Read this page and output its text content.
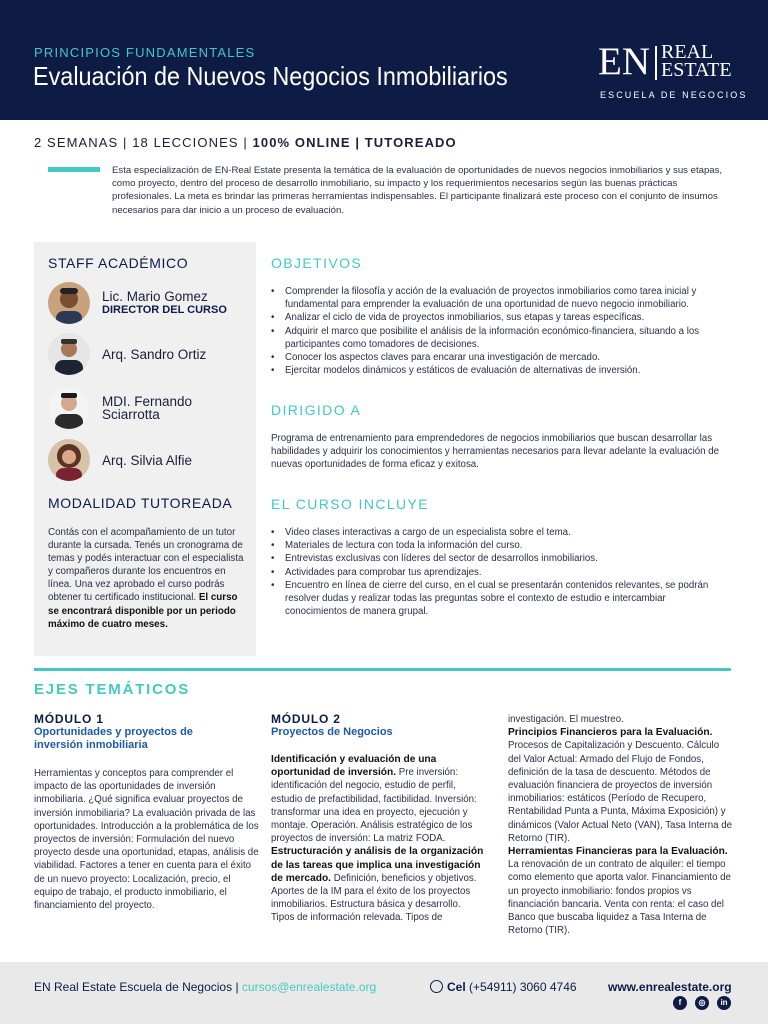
PRINCIPIOS FUNDAMENTALES
Evaluación de Nuevos Negocios Inmobiliarios EN REAL
ESTATE
ESCUELA DE NEGOCIOS
2 SEMANAS | 18 LECCIONES | 100% ONLINE | TUTOREADO
Esta especialización de EN-Real Estate presenta la temática de la evaluación de oportunidades de nuevos negocios inmobiliarios y sus etapas, como proyecto, dentro del proceso de desarrollo inmobiliario, su impacto y los requerimientos necesarios según las buenas prácticas profesionales. La meta es brindar las primeras herramientas indispensables. El participante finalizará este proceso con el conjunto de insumos necesarios para dar inicio a un proceso de evaluación.
STAFF ACADÉMICO
Lic. Mario Gomez
DIRECTOR DEL CURSO
Arq. Sandro Ortiz
MDI. Fernando
Sciarrotta
Arq. Silvia Alfie
MODALIDAD TUTOREADA
Contás con el acompañamiento de un tutor durante la cursada. Tenés un cronograma de temas y podés interactuar con el especialista y compañeros durante los encuentros en línea. Una vez aprobado el curso podrás obtener tu certificado institucional. El curso se encontrará disponible por un periodo máximo de cuatro meses.
OBJETIVOS
• Comprender la filosofía y acción de la evaluación de proyectos inmobiliarios como tarea inicial y fundamental para emprender la evaluación de una oportunidad de nuevo negocio inmobiliario.
• Analizar el ciclo de vida de proyectos inmobiliarios, sus etapas y tareas específicas.
• Adquirir el marco que posibilite el análisis de la información económico-financiera, situando a los participantes como tomadores de decisiones.
• Conocer los aspectos claves para encarar una investigación de mercado.
• Ejercitar modelos dinámicos y estáticos de evaluación de alternativas de inversión.
DIRIGIDO A
Programa de entrenamiento para emprendedores de negocios inmobiliarios que buscan desarrollar las habilidades y adquirir los conocimientos y herramientas necesarios para llevar adelante la evaluación de nuevas oportunidades de forma eficaz y exitosa.
EL CURSO INCLUYE
• Video clases interactivas a cargo de un especialista sobre el tema.
• Materiales de lectura con toda la información del curso.
• Entrevistas exclusivas con líderes del sector de desarrollos inmobiliarios.
• Actividades para comprobar tus aprendizajes.
• Encuentro en línea de cierre del curso, en el cual se presentarán contenidos relevantes, se podrán resolver dudas y realizar todas las preguntas sobre el contexto de estudio e intercambiar conocimientos de manera grupal.
EJES TEMÁTICOS
MÓDULO 1
Oportunidades y proyectos de inversión inmobiliaria
Herramientas y conceptos para comprender el impacto de las oportunidades de inversión inmobiliaria. ¿Qué significa evaluar proyectos de inversión inmobiliaria? La evaluación privada de las oportunidades. Introducción a la problemática de los proyectos de inversión: Formulación del nuevo proyecto desde una oportunidad, etapas, análisis de viabilidad. Factores a tener en cuenta para el éxito de un nuevo proyecto: Localización, precio, el equipo de trabajo, el producto inmobiliario, el financiamiento del proyecto.
MÓDULO 2
Proyectos de Negocios
Identificación y evaluación de una oportunidad de inversión. Pre inversión: identificación del negocio, estudio de perfil, estudio de prefactibilidad, factibilidad. Inversión: transformar una idea en proyecto, ejecución y montaje. Operación. Análisis estratégico de los proyectos de inversión: La matriz FODA.
Estructuración y análisis de la organización de las tareas que implica una investigación de mercado. Definición, beneficios y objetivos. Aportes de la IM para el éxito de los proyectos inmobiliarios. Estructura básica y desarrollo. Tipos de información relevada. Tipos de

investigación. El muestreo.

Principios Financieros para la Evaluación.

Procesos de Capitalización y Descuento. Cálculo del Valor Actual: Armado del Flujo de Fondos, definición de la tasa de descuento. Métodos de evaluación financiera de proyectos de inversión inmobiliarios: estáticos (Período de Recupero, Rentabilidad Punta a Punta, Máxima Exposición) y dinámicos (Valor Actual Neto (VAN), Tasa Interna de Retorno (TIR).

Herramientas Financieras para la Evaluación.

La renovación de un contrato de alquiler: el tiempo como elemento que aporta valor. Financiamiento de un proyecto inmobiliario: fondos propios vs financiación bancaria. Venta con renta: el caso del Banco que buscaba liquidez a Tasa Interna de Retorno (TIR).

EN Real Estate Escuela de Negocios | cursos@enrealestate.org	Cel (+54911) 3060 4746	www.enrealestate.org
f	◎	in
